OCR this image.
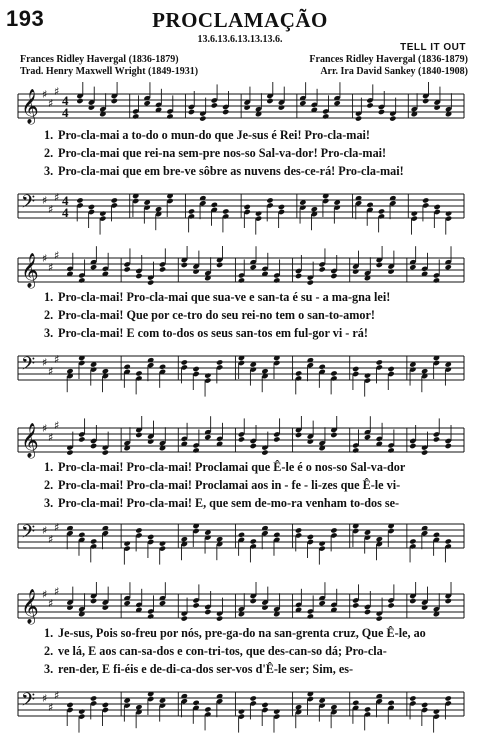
193	PROCLAMAÇÃO
13.6.13.6.13.13.13.6.
TELL IT OUT
Frances Ridley Havergal (1836-1879)
Trad. Henry Maxwell Wright (1849-1931)
Frances Ridley Havergal (1836-1879)
Arr. Ira David Sankey (1840-1908)
𝄞 ♯
♯
♯
4
4
1. Pro-cla-mai a to-do o mun-do que Je-sus é Rei! Pro-cla-mai!
2. Pro-cla-mai que rei-na sem-pre nos-so Sal-va-dor! Pro-cla-mai!
3. Pro-cla-mai que em bre-ve sôbre as nuvens des-ce-rá! Pro-cla-mai!
𝄢 ♯
♯
♯ 4
4
𝄞 ♯
♯
♯
1. Pro-cla-mai! Pro-cla-mai que sua-ve e san-ta é su - a ma-gna lei!
2. Pro-cla-mai! Que por ce-tro do seu rei-no tem o san-to-amor!
3. Pro-cla-mai! E com to-dos os seus san-tos em ful-gor vi - rá!
𝄢 ♯
♯
♯
𝄞 ♯
♯
♯
1. Pro-cla-mai! Pro-cla-mai! Proclamai que Ê-le é o nos-so Sal-va-dor
2. Pro-cla-mai! Pro-cla-mai! Proclamai aos in - fe - li-zes que Ê-le vi-
3. Pro-cla-mai! Pro-cla-mai! E, que sem de-mo-ra venham to-dos se-
𝄢 ♯
♯
♯
𝄞 ♯
♯
♯
1. Je-sus, Pois so-freu por nós, pre-ga-do na san-grenta cruz, Que Ê-le, ao
2. ve lá, E aos can-sa-dos e con-tri-tos, que des-can-so dá; Pro-cla-
3. ren-der, E fi-éis e de-di-ca-dos ser-vos d'Ê-le ser; Sim, es-
𝄢 ♯
♯
♯
